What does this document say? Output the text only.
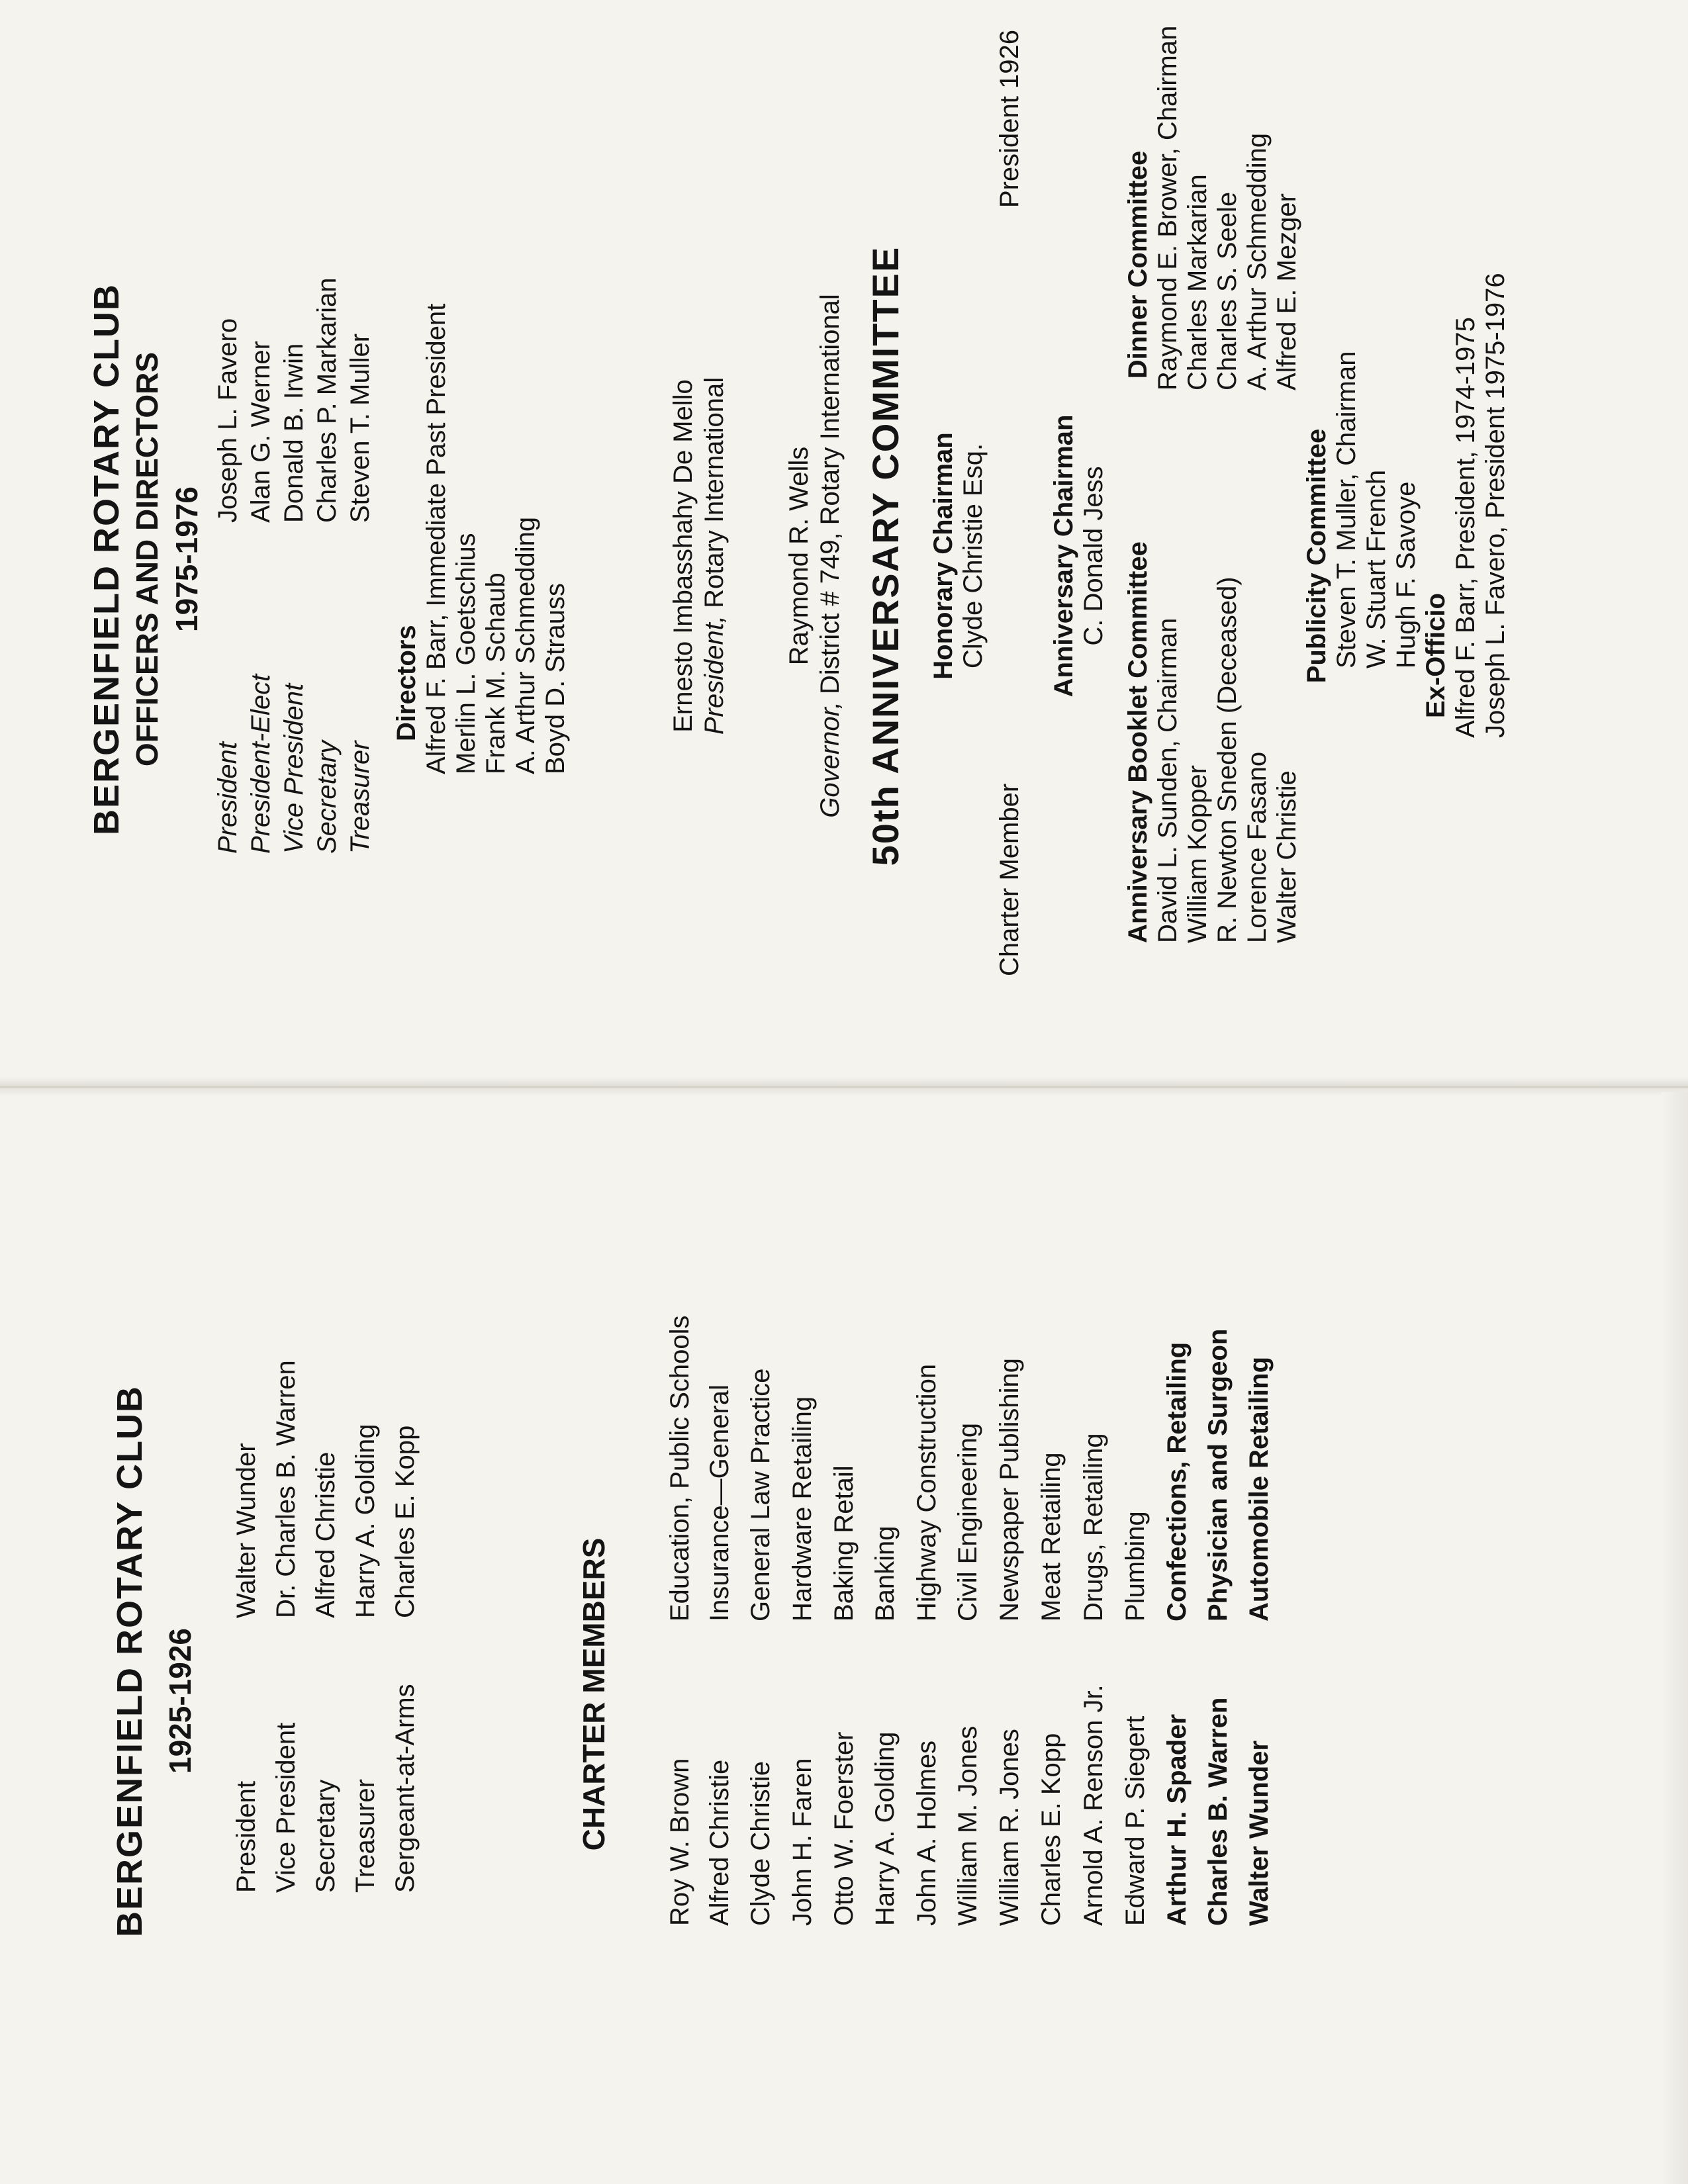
BERGENFIELD ROTARY CLUB 1925-1926
President
Walter Wunder
Vice President
Dr. Charles B. Warren
Secretary
Alfred Christie
Treasurer
Harry A. Golding
Sergeant-at-Arms
Charles E. Kopp
CHARTER MEMBERS Roy W. Brown
Education, Public Schools
Alfred Christie
Insurance—General
Clyde Christie
General Law Practice
John H. Faren
Hardware Retailing
Otto W. Foerster
Baking Retail
Harry A. Golding
Banking
John A. Holmes
Highway Construction
William M. Jones
Civil Engineering
William R. Jones
Newspaper Publishing
Charles E. Kopp
Meat Retailing
Arnold A. Renson Jr.
Drugs, Retailing
Edward P. Siegert
Plumbing
Arthur H. Spader
Confections, Retailing
Charles B. Warren
Physician and Surgeon
Walter Wunder
Automobile Retailing
BERGENFIELD ROTARY CLUB OFFICERS AND DIRECTORS 1975-1976
President
Joseph L. Favero
President-Elect
Alan G. Werner
Vice President
Donald B. Irwin
Secretary
Charles P. Markarian
Treasurer
Steven T. Muller
Directors Alfred F. Barr, Immediate Past President Merlin L. Goetschius Frank M. Schaub A. Arthur Schmedding Boyd D. Strauss	Ernesto Imbasshahy De Mello President, Rotary International Raymond R. Wells
Governor, District # 749, Rotary International 50th ANNIVERSARY COMMITTEE Honorary Chairman Clyde Christie Esq.
Charter Member
President 1926
Anniversary Chairman C. Donald Jess Anniversary Booklet Committee David L. Sunden, Chairman William Kopper R. Newton Sneden (Deceased) Lorence Fasano Walter Christie
Dinner Committee Raymond E. Brower, Chairman Charles Markarian Charles S. Seele A. Arthur Schmedding Alfred E. Mezger
Publicity Committee Steven T. Muller, Chairman W. Stuart French Hugh F. Savoye Ex-Officio Alfred F. Barr, President, 1974-1975 Joseph L. Favero, President 1975-1976
